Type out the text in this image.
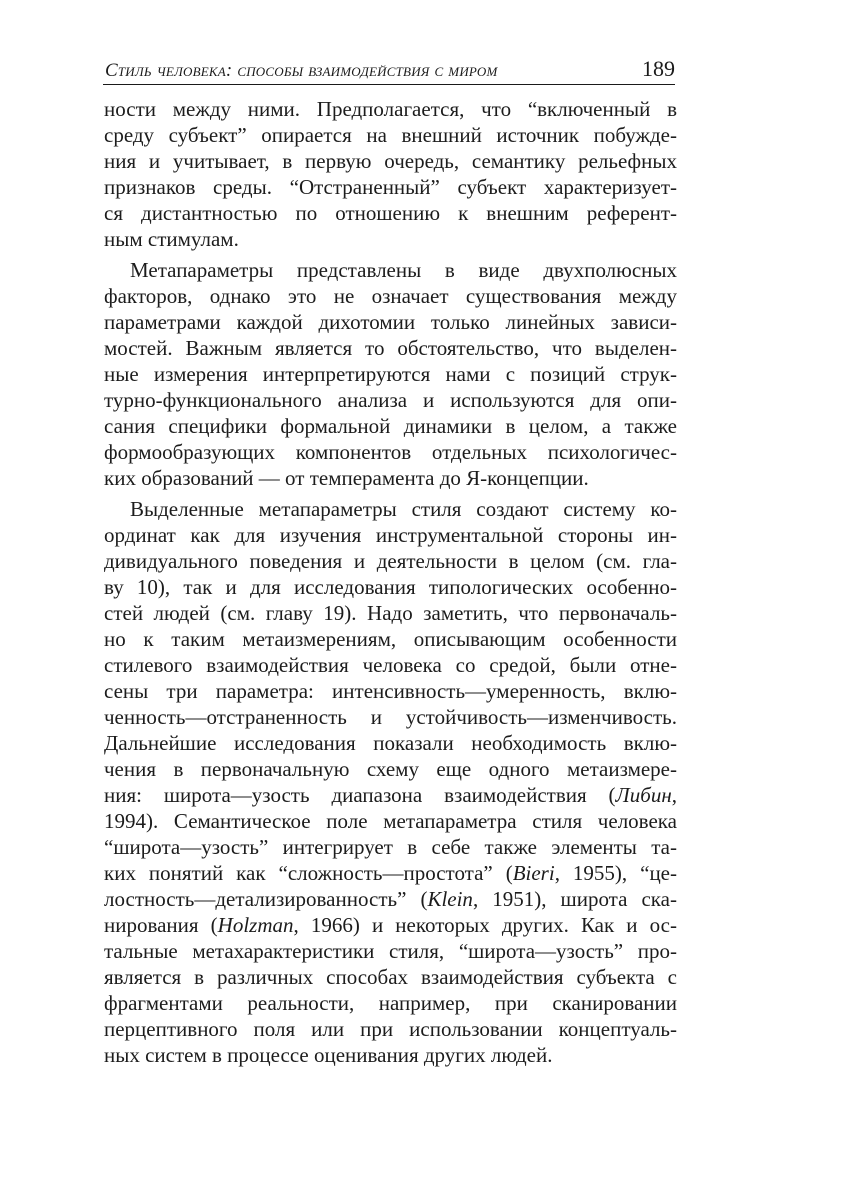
Стиль человека: способы взаимодействия с миром	189
ности между ними. Предполагается, что “включенный в
среду субъект” опирается на внешний источник побужде-
ния и учитывает, в первую очередь, семантику рельефных
признаков среды. “Отстраненный” субъект характеризует-
ся дистантностью по отношению к внешним референт-
ным стимулам.
Метапараметры представлены в виде двухполюсных
факторов, однако это не означает существования между
параметрами каждой дихотомии только линейных зависи-
мостей. Важным является то обстоятельство, что выделен-
ные измерения интерпретируются нами с позиций струк-
турно-функционального анализа и используются для опи-
сания специфики формальной динамики в целом, а также
формообразующих компонентов отдельных психологичес-
ких образований — от темперамента до Я-концепции.
Выделенные метапараметры стиля создают систему ко-
ординат как для изучения инструментальной стороны ин-
дивидуального поведения и деятельности в целом (см. гла-
ву 10), так и для исследования типологических особенно-
стей людей (см. главу 19). Надо заметить, что первоначаль-
но к таким метаизмерениям, описывающим особенности
стилевого взаимодействия человека со средой, были отне-
сены три параметра: интенсивность—умеренность, вклю-
ченность—отстраненность и устойчивость—изменчивость.
Дальнейшие исследования показали необходимость вклю-
чения в первоначальную схему еще одного метаизмере-
ния: широта—узость диапазона взаимодействия (Либин,
1994). Семантическое поле метапараметра стиля человека
“широта—узость” интегрирует в себе также элементы та-
ких понятий как “сложность—простота” (Bieri, 1955), “це-
лостность—детализированность” (Klein, 1951), широта ска-
нирования (Holzman, 1966) и некоторых других. Как и ос-
тальные метахарактеристики стиля, “широта—узость” про-
является в различных способах взаимодействия субъекта с
фрагментами реальности, например, при сканировании
перцептивного поля или при использовании концептуаль-
ных систем в процессе оценивания других людей.
